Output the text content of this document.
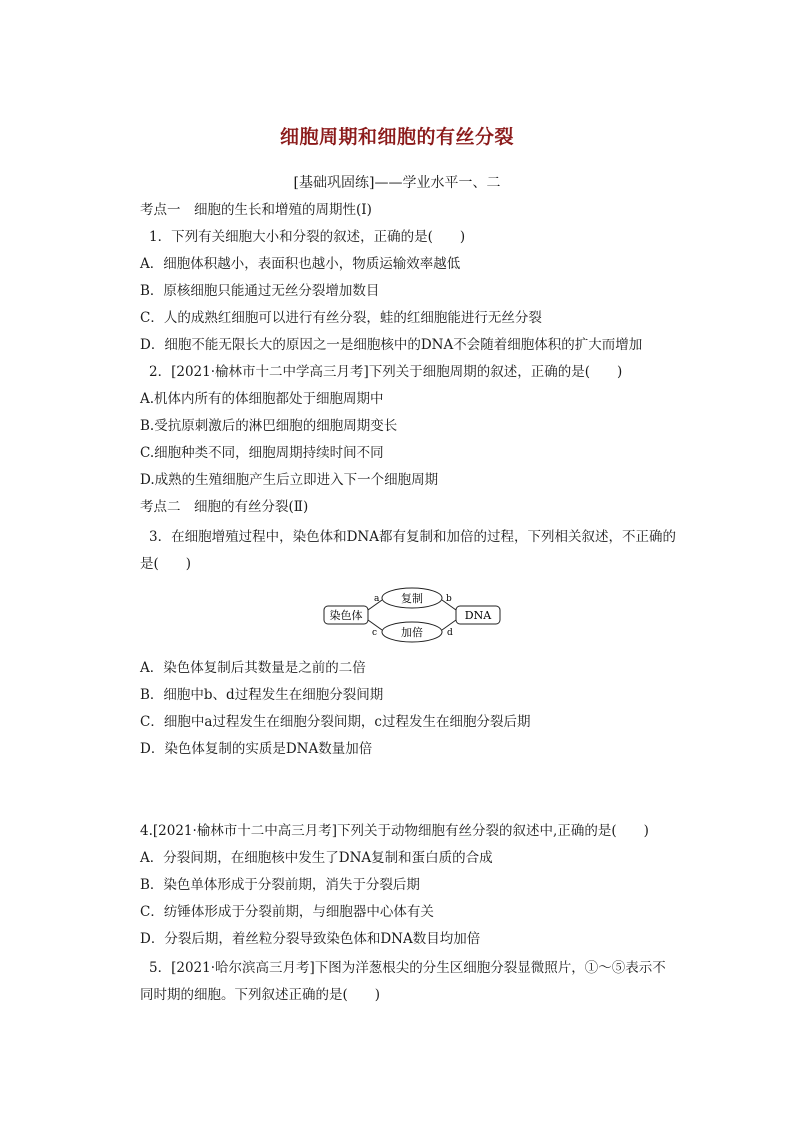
细胞周期和细胞的有丝分裂
[基础巩固练]——学业水平一、二
考点一　细胞的生长和增殖的周期性(Ⅰ)
1．下列有关细胞大小和分裂的叙述，正确的是(　　)
A．细胞体积越小，表面积也越小，物质运输效率越低
B．原核细胞只能通过无丝分裂增加数目
C．人的成熟红细胞可以进行有丝分裂，蛙的红细胞能进行无丝分裂
D．细胞不能无限长大的原因之一是细胞核中的DNA不会随着细胞体积的扩大而增加
2．[2021·榆林市十二中学高三月考]下列关于细胞周期的叙述，正确的是(　　)
A.机体内所有的体细胞都处于细胞周期中
B.受抗原刺激后的淋巴细胞的细胞周期变长
C.细胞种类不同，细胞周期持续时间不同
D.成熟的生殖细胞产生后立即进入下一个细胞周期
考点二　细胞的有丝分裂(Ⅱ)
3．在细胞增殖过程中，染色体和DNA都有复制和加倍的过程，下列相关叙述，不正确的
是(　　)
染色体	DNA
复制
加倍
a	b
c	d
A．染色体复制后其数量是之前的二倍
B．细胞中b、d过程发生在细胞分裂间期
C．细胞中a过程发生在细胞分裂间期，c过程发生在细胞分裂后期
D．染色体复制的实质是DNA数量加倍
4.[2021·榆林市十二中高三月考]下列关于动物细胞有丝分裂的叙述中,正确的是(　　)
A．分裂间期，在细胞核中发生了DNA复制和蛋白质的合成
B．染色单体形成于分裂前期，消失于分裂后期
C．纺锤体形成于分裂前期，与细胞器中心体有关
D．分裂后期，着丝粒分裂导致染色体和DNA数目均加倍
5．[2021·哈尔滨高三月考]下图为洋葱根尖的分生区细胞分裂显微照片，①～⑤表示不
同时期的细胞。下列叙述正确的是(　　)
